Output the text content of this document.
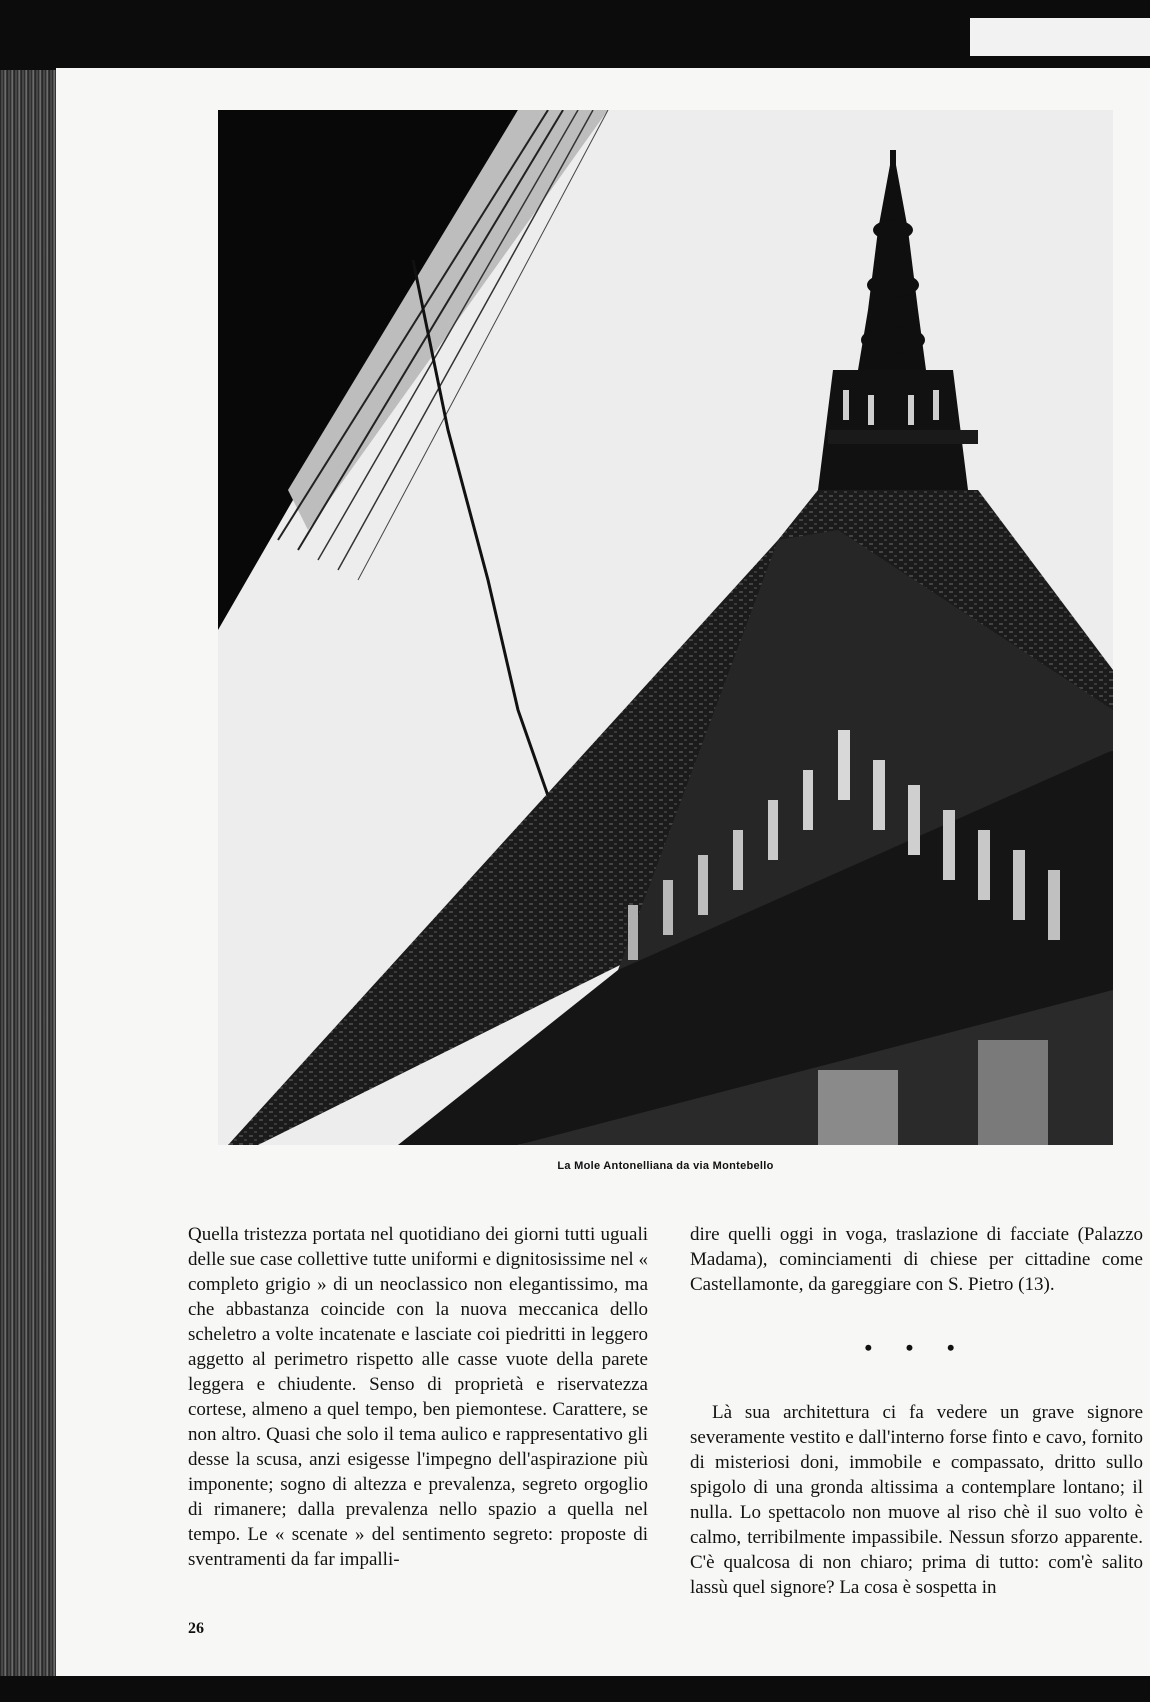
La Mole Antonelliana da via Montebello

Quella tristezza portata nel quotidiano dei giorni tutti uguali delle sue case collettive tutte uniformi e dignitosissime nel « completo grigio » di un neoclassico non elegantissimo, ma che abbastanza coincide con la nuova meccanica dello scheletro a volte incatenate e lasciate coi piedritti in leggero aggetto al perimetro rispetto alle casse vuote della parete leggera e chiudente. Senso di proprietà e riservatezza cortese, almeno a quel tempo, ben piemontese. Carattere, se non altro. Quasi che solo il tema aulico e rappresentativo gli desse la scusa, anzi esigesse l'impegno dell'aspirazione più imponente; sogno di altezza e prevalenza, segreto orgoglio di rimanere; dalla prevalenza nello spazio a quella nel tempo. Le « scenate » del sentimento segreto: proposte di sventramenti da far impalli-

dire quelli oggi in voga, traslazione di facciate (Palazzo Madama), cominciamenti di chiese per cittadine come Castellamonte, da gareggiare con S. Pietro (13).

• • •

Là sua architettura ci fa vedere un grave signore severamente vestito e dall'interno forse finto e cavo, fornito di misteriosi doni, immobile e compassato, dritto sullo spigolo di una gronda altissima a contemplare lontano; il nulla. Lo spettacolo non muove al riso chè il suo volto è calmo, terribilmente impassibile. Nessun sforzo apparente. C'è qualcosa di non chiaro; prima di tutto: com'è salito lassù quel signore? La cosa è sospetta in

26
